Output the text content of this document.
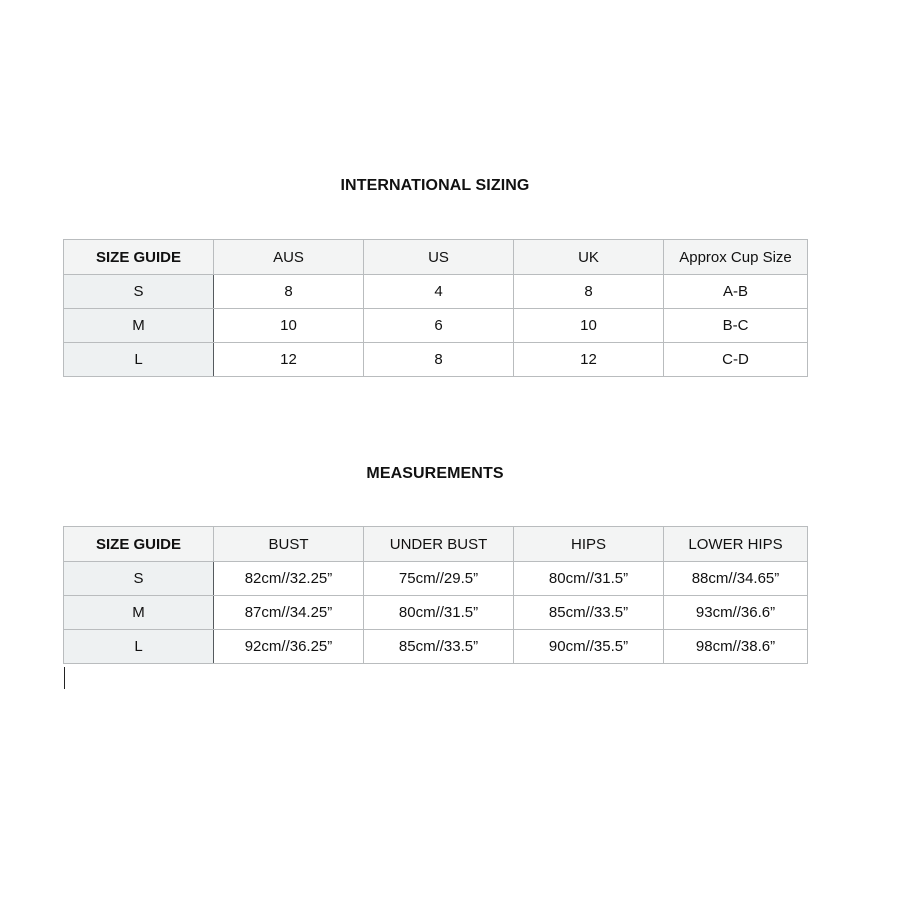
INTERNATIONAL SIZING
SIZE GUIDE	AUS	US	UK	Approx Cup Size
S	8	4	8	A-B
M	10	6	10	B-C
L	12	8	12	C-D
MEASUREMENTS
SIZE GUIDE	BUST	UNDER BUST	HIPS	LOWER HIPS
S	82cm//32.25”	75cm//29.5”	80cm//31.5”	88cm//34.65”
M	87cm//34.25”	80cm//31.5”	85cm//33.5”	93cm//36.6”
L	92cm//36.25”	85cm//33.5”	90cm//35.5”	98cm//38.6”
